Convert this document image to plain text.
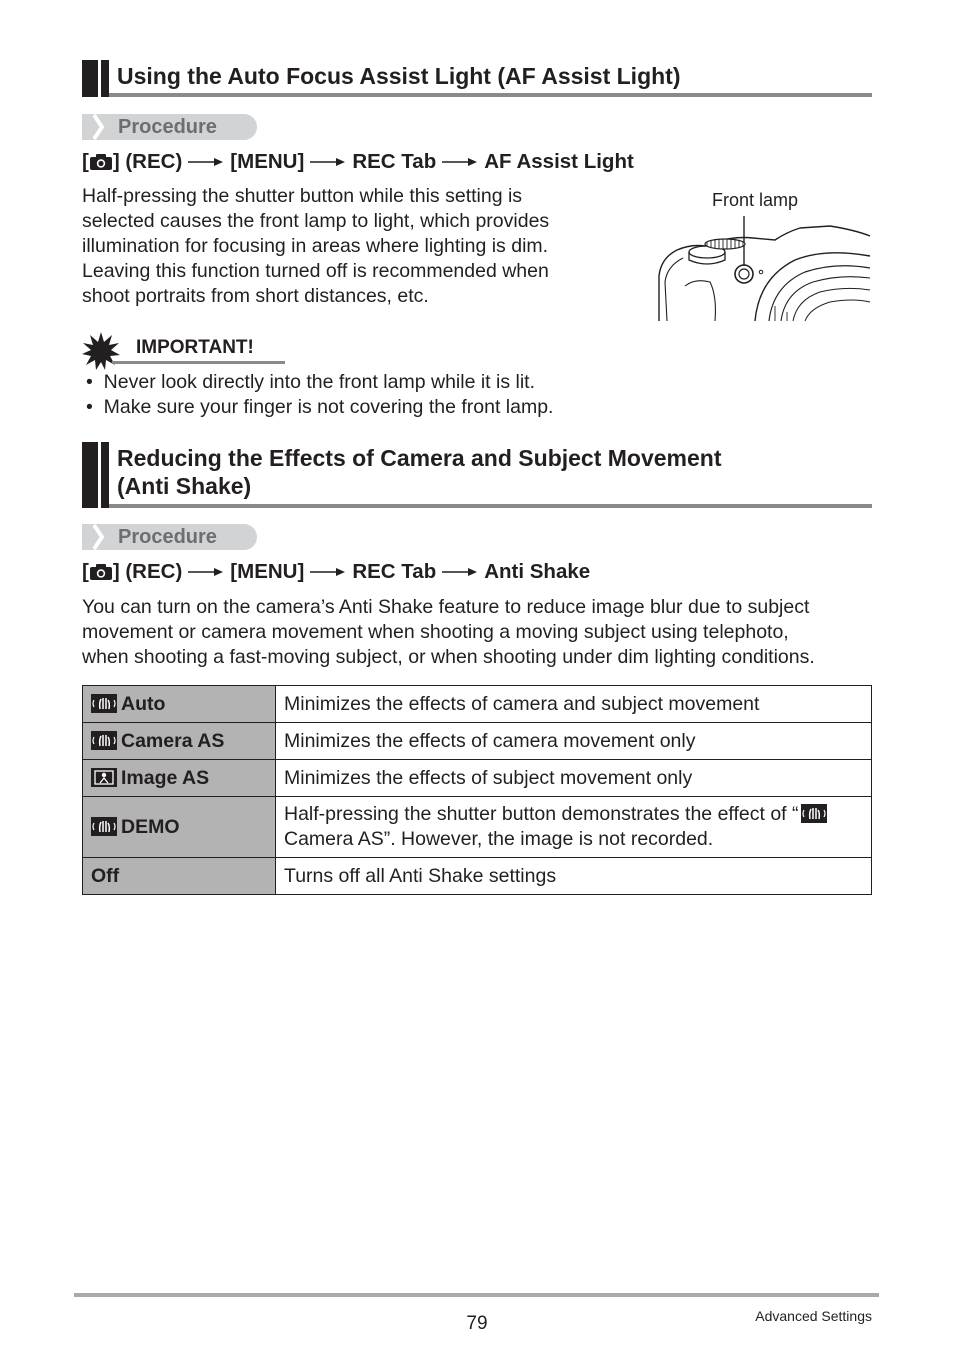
Using the Auto Focus Assist Light (AF Assist Light)
Procedure
[ ] (REC) [MENU] REC Tab AF Assist Light
Half-pressing the shutter button while this setting is
selected causes the front lamp to light, which provides
illumination for focusing in areas where lighting is dim.
Leaving this function turned off is recommended when
shoot portraits from short distances, etc.
Front lamp
IMPORTANT!
•  Never look directly into the front lamp while it is lit.
•  Make sure your finger is not covering the front lamp.
Reducing the Effects of Camera and Subject Movement
(Anti Shake)
Procedure
[ ] (REC) [MENU] REC Tab Anti Shake
You can turn on the camera’s Anti Shake feature to reduce image blur due to subject
movement or camera movement when shooting a moving subject using telephoto,
when shooting a fast-moving subject, or when shooting under dim lighting conditions.
Auto	Minimizes the effects of camera and subject movement
Camera AS	Minimizes the effects of camera movement only
Image AS	Minimizes the effects of subject movement only
DEMO	Half-pressing the shutter button demonstrates the effect of “
Camera AS”. However, the image is not recorded.

Off	Turns off all Anti Shake settings
79	Advanced Settings
